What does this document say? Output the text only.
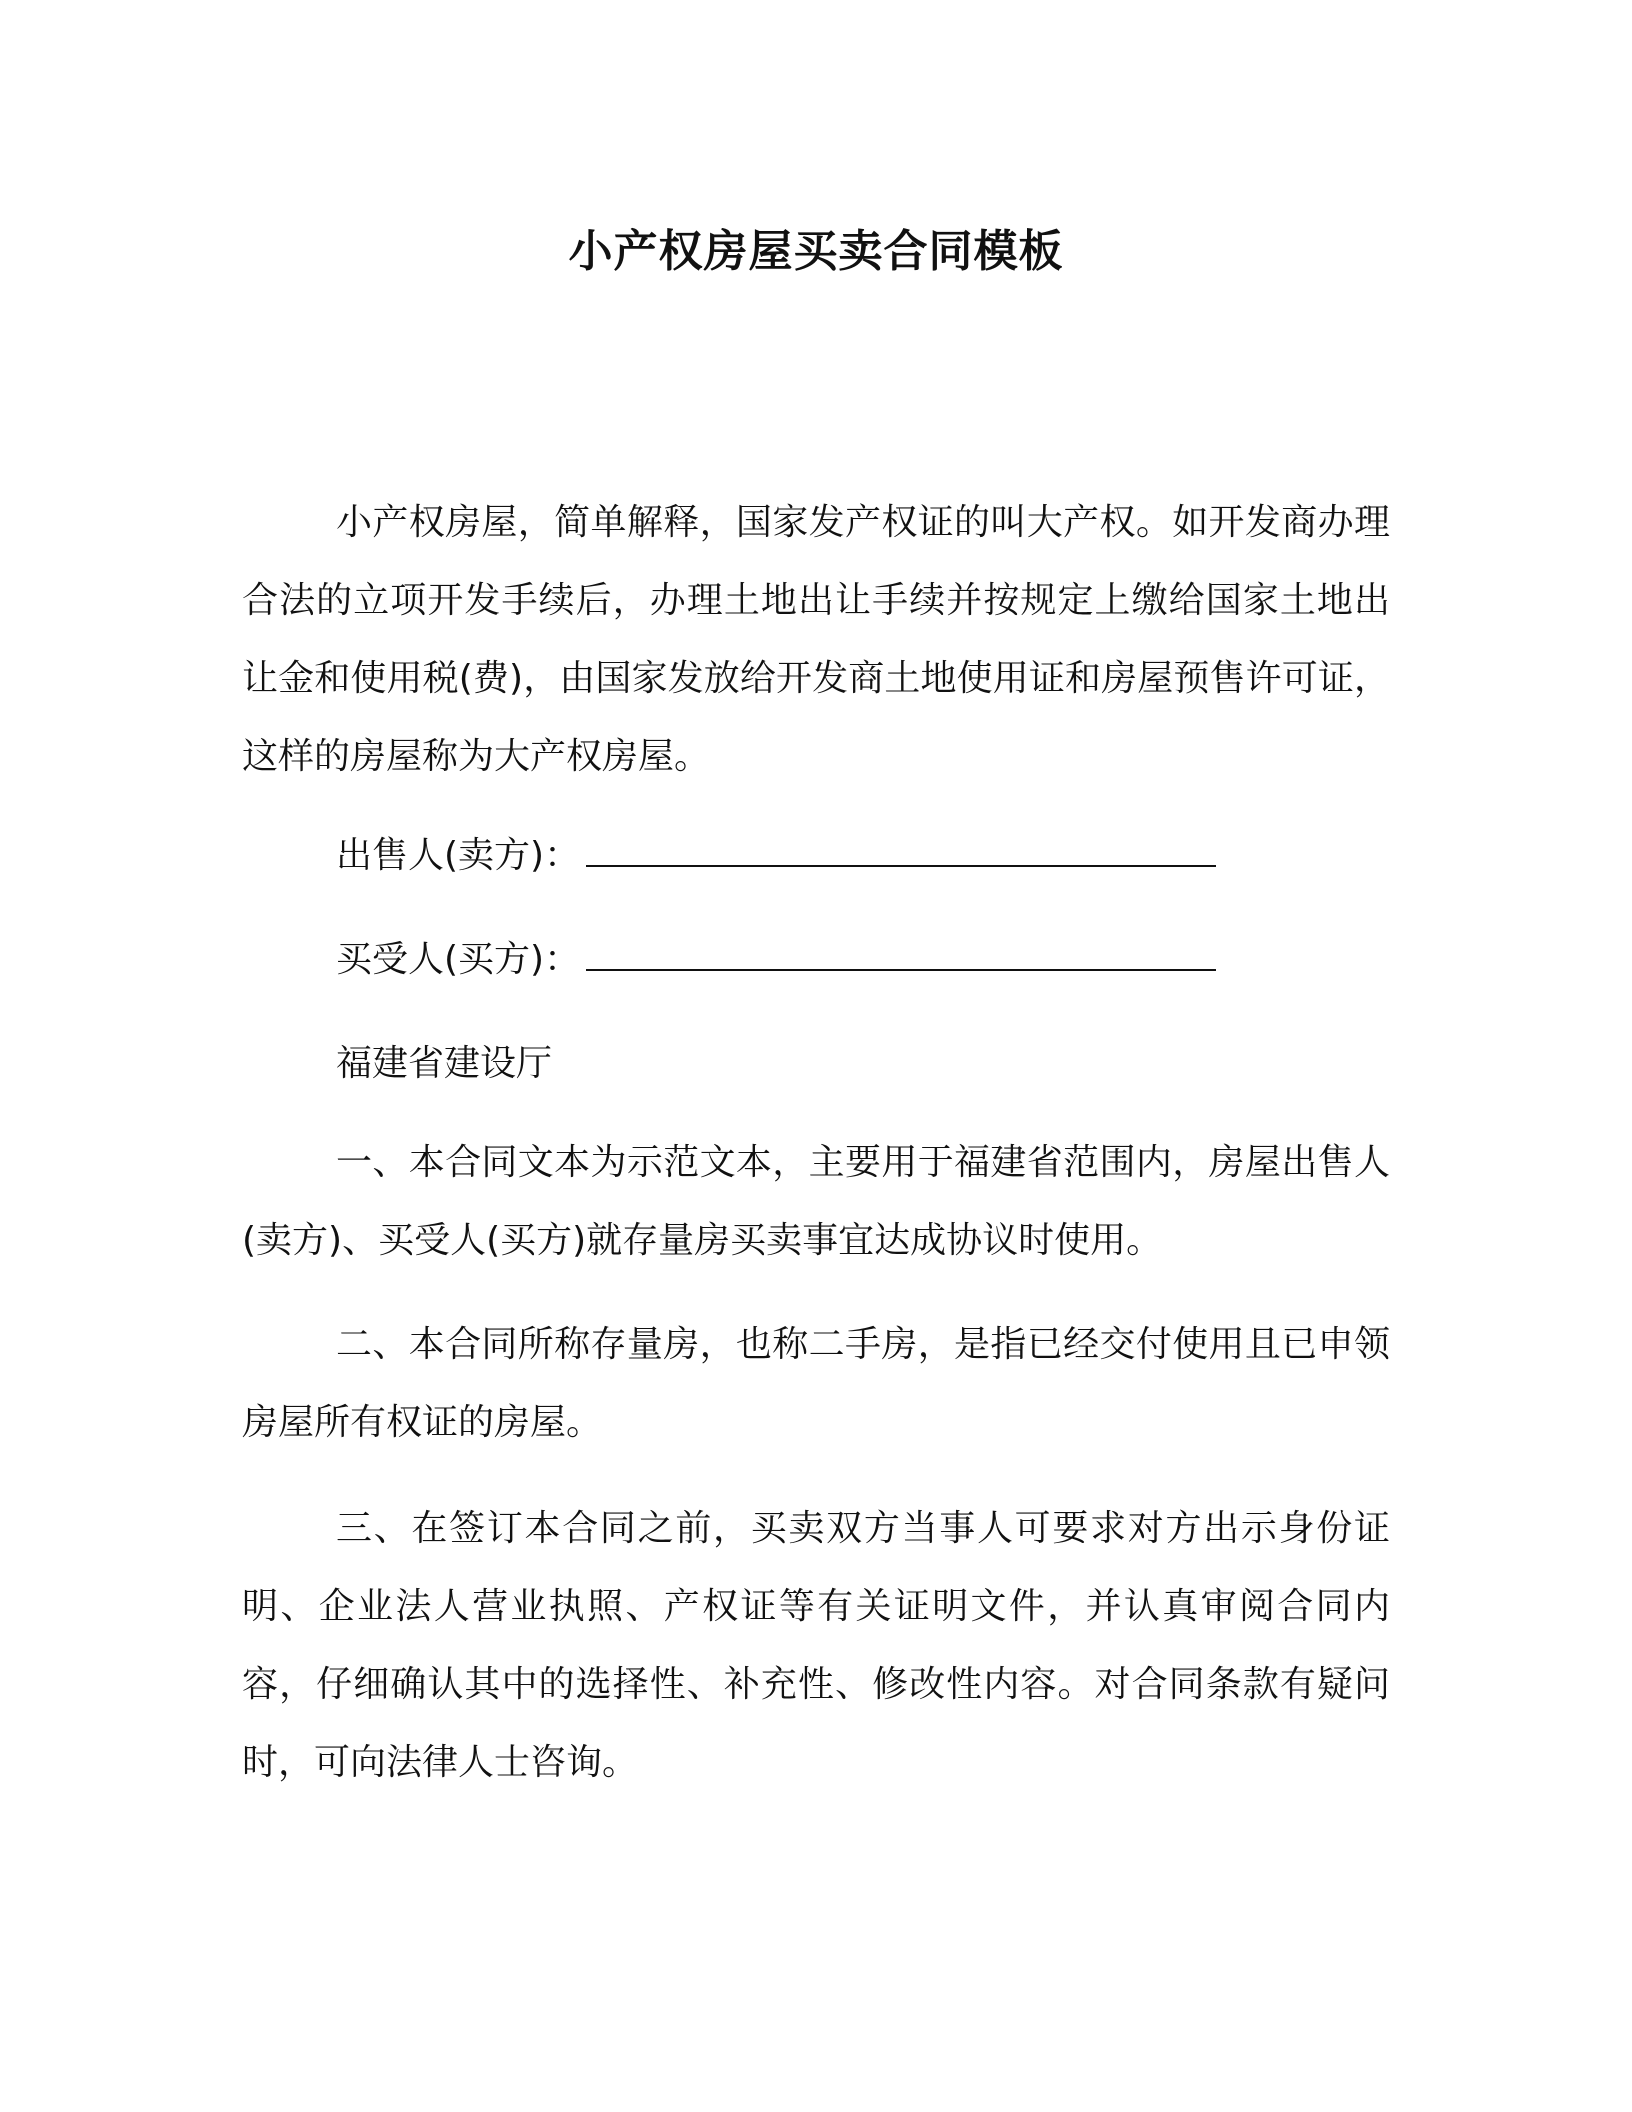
小产权房屋买卖合同模板

小产权房屋，简单解释，国家发产权证的叫大产权。如开发商办理合法的立项开发手续后，办理土地出让手续并按规定上缴给国家土地出让金和使用税(费)，由国家发放给开发商土地使用证和房屋预售许可证，这样的房屋称为大产权房屋。

出售人(卖方)：
买受人(买方)：
福建省建设厅

一、本合同文本为示范文本，主要用于福建省范围内，房屋出售人(卖方)、买受人(买方)就存量房买卖事宜达成协议时使用。

二、本合同所称存量房，也称二手房，是指已经交付使用且已申领房屋所有权证的房屋。

三、在签订本合同之前，买卖双方当事人可要求对方出示身份证明、企业法人营业执照、产权证等有关证明文件，并认真审阅合同内容，仔细确认其中的选择性、补充性、修改性内容。对合同条款有疑问时，可向法律人士咨询。
